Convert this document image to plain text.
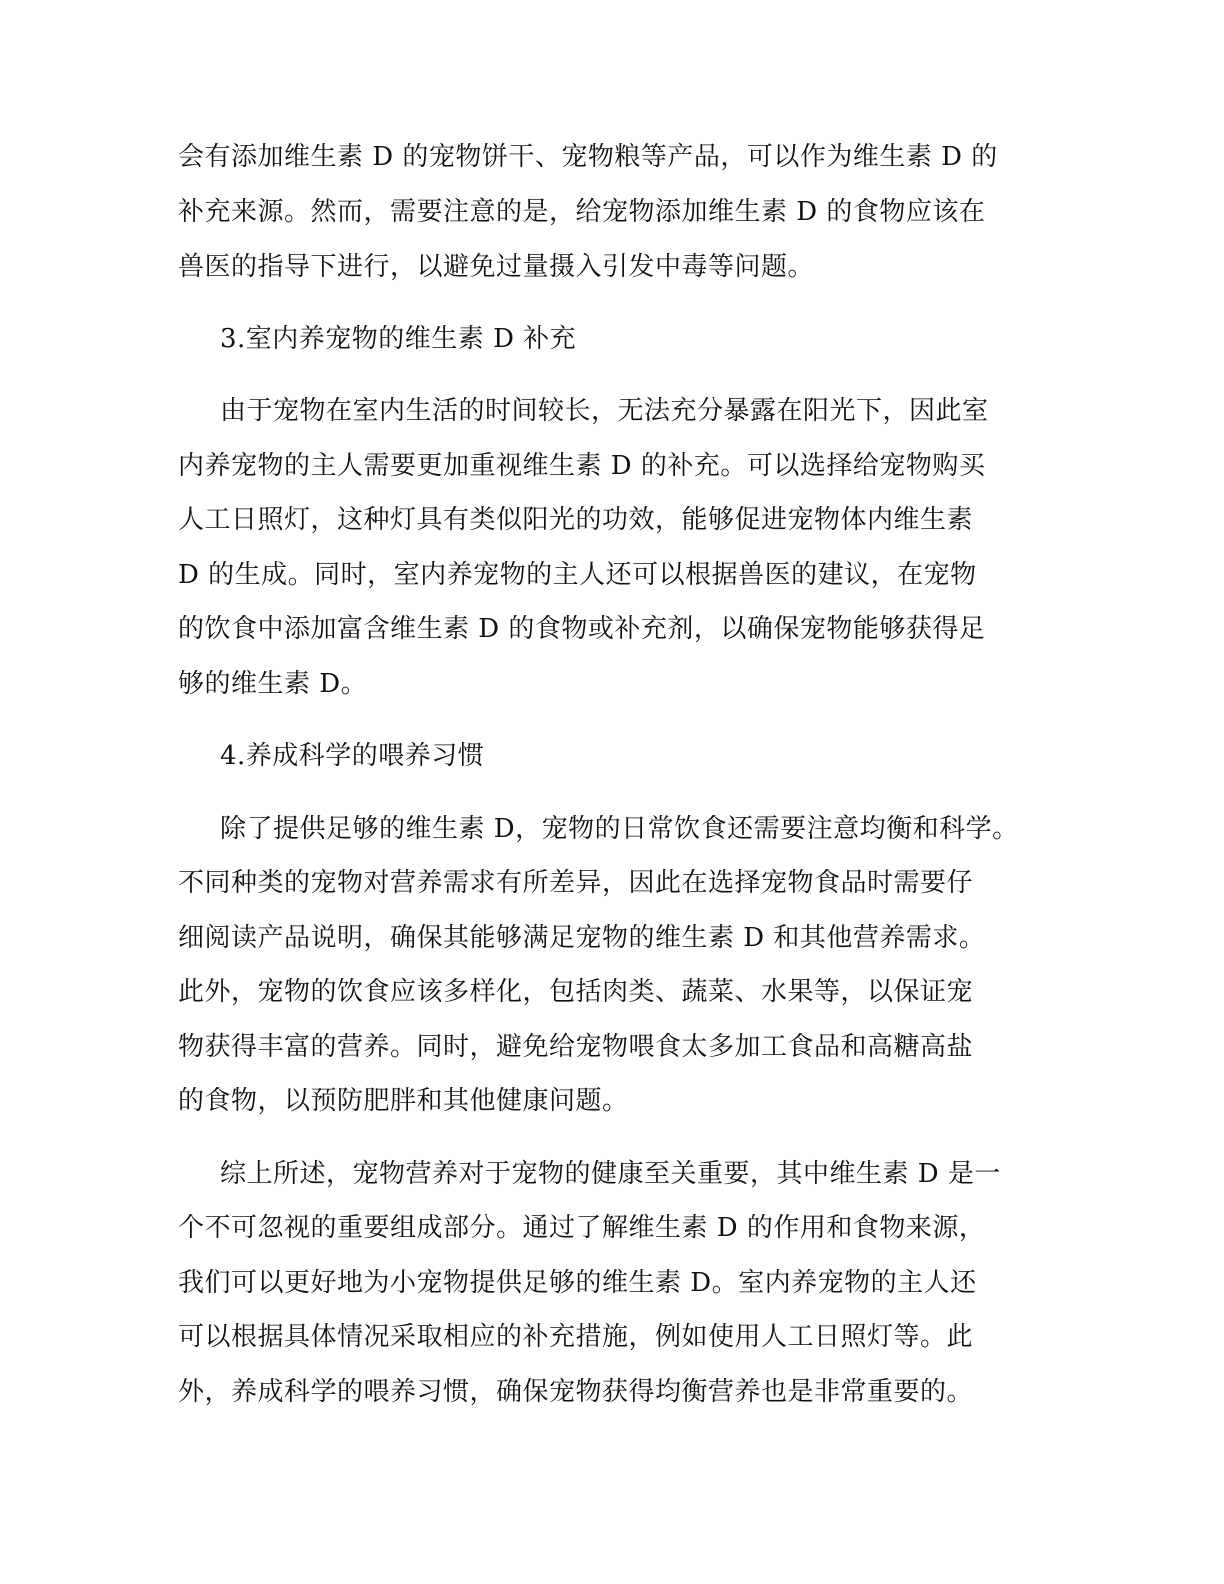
会有添加维生素 D 的宠物饼干、宠物粮等产品，可以作为维生素 D 的
补充来源。然而，需要注意的是，给宠物添加维生素 D 的食物应该在
兽医的指导下进行，以避免过量摄入引发中毒等问题。
3.室内养宠物的维生素 D 补充
由于宠物在室内生活的时间较长，无法充分暴露在阳光下，因此室
内养宠物的主人需要更加重视维生素 D 的补充。可以选择给宠物购买
人工日照灯，这种灯具有类似阳光的功效，能够促进宠物体内维生素
D 的生成。同时，室内养宠物的主人还可以根据兽医的建议，在宠物
的饮食中添加富含维生素 D 的食物或补充剂，以确保宠物能够获得足
够的维生素 D。
4.养成科学的喂养习惯
除了提供足够的维生素 D，宠物的日常饮食还需要注意均衡和科学。
不同种类的宠物对营养需求有所差异，因此在选择宠物食品时需要仔
细阅读产品说明，确保其能够满足宠物的维生素 D 和其他营养需求。
此外，宠物的饮食应该多样化，包括肉类、蔬菜、水果等，以保证宠
物获得丰富的营养。同时，避免给宠物喂食太多加工食品和高糖高盐
的食物，以预防肥胖和其他健康问题。
综上所述，宠物营养对于宠物的健康至关重要，其中维生素 D 是一
个不可忽视的重要组成部分。通过了解维生素 D 的作用和食物来源，
我们可以更好地为小宠物提供足够的维生素 D。室内养宠物的主人还
可以根据具体情况采取相应的补充措施，例如使用人工日照灯等。此
外，养成科学的喂养习惯，确保宠物获得均衡营养也是非常重要的。
